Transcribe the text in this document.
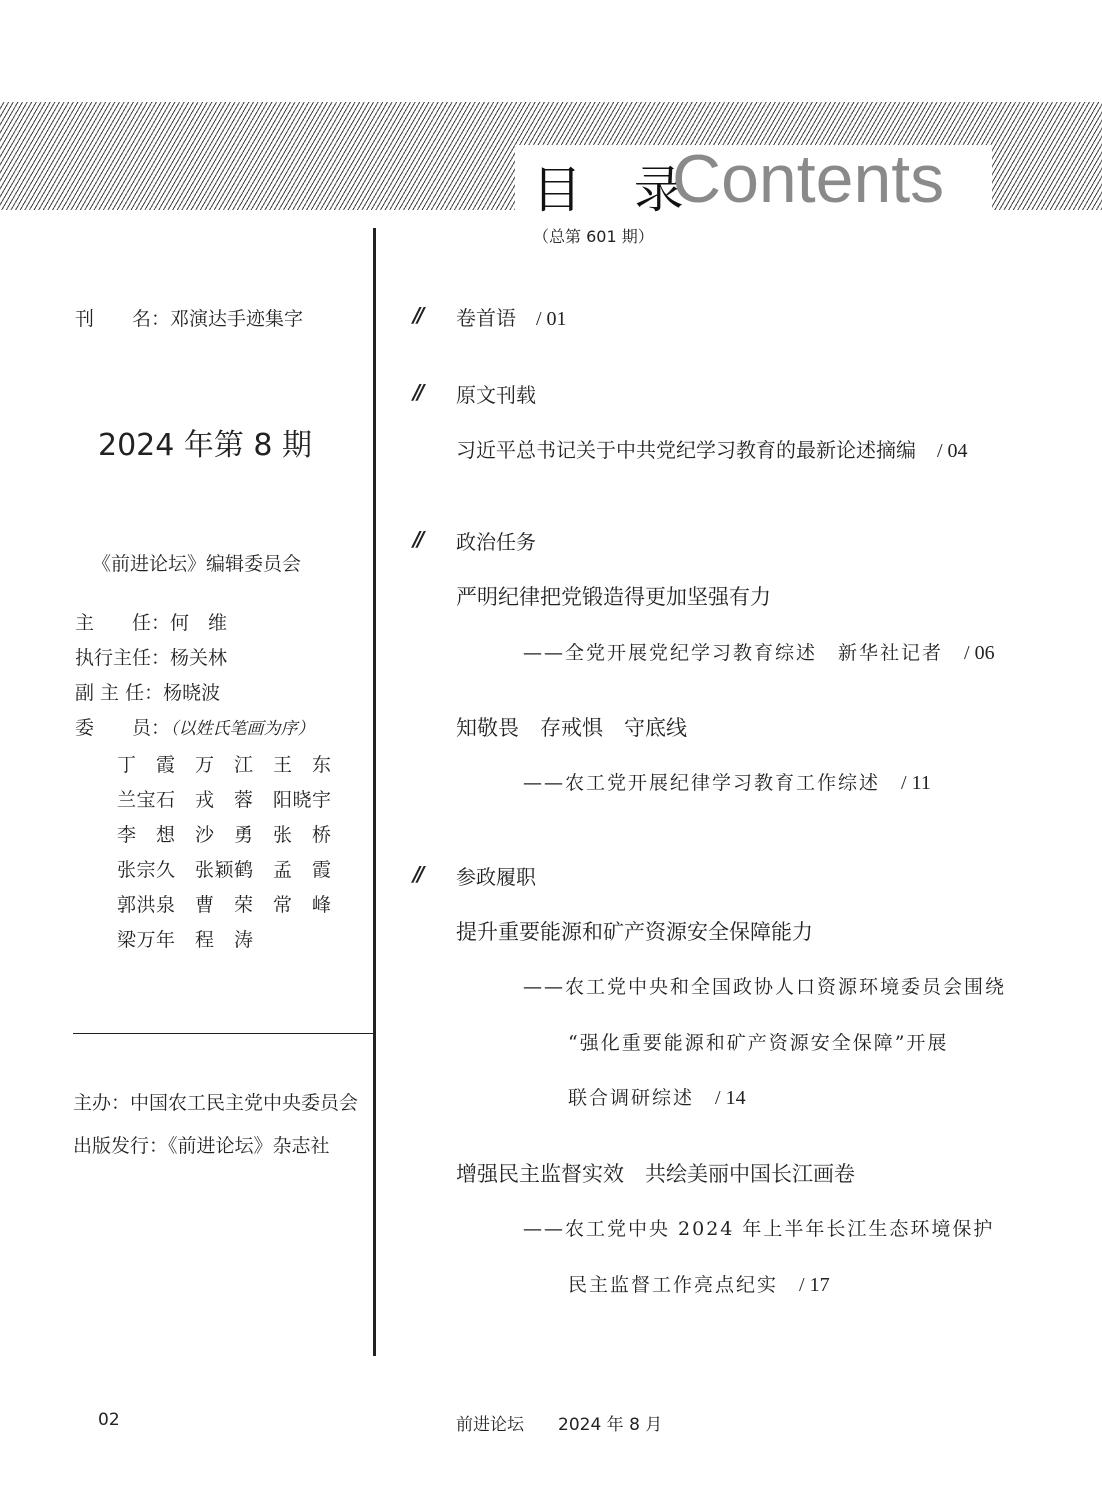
目 录
Contents
（总第 601 期）
刊　　名：邓演达手迹集字
2024 年第 8 期
《前进论坛》编辑委员会
主　　任：何　维
执行主任：杨关林
副 主 任：杨晓波
委　　员：（以姓氏笔画为序）
丁霞 万江 王东
兰宝石 戎蓉 阳晓宇
李想 沙勇 张桥
张宗久 张颖鹤 孟霞
郭洪泉 曹荣 常峰
梁万年 程涛
主办：中国农工民主党中央委员会
出版发行：《前进论坛》杂志社
// 卷首语　 / 01
// 原文刊载
习近平总书记关于中共党纪学习教育的最新论述摘编　 / 04
// 政治任务
严明纪律把党锻造得更加坚强有力
——全党开展党纪学习教育综述　新华社记者　 / 06
知敬畏　存戒惧　守底线
——农工党开展纪律学习教育工作综述　 / 11
// 参政履职
提升重要能源和矿产资源安全保障能力
——农工党中央和全国政协人口资源环境委员会围绕
“强化重要能源和矿产资源安全保障”开展
联合调研综述　 / 14
增强民主监督实效　共绘美丽中国长江画卷
——农工党中央 2024 年上半年长江生态环境保护
民主监督工作亮点纪实　 / 17
02	前进论坛　　 2024 年 8 月
